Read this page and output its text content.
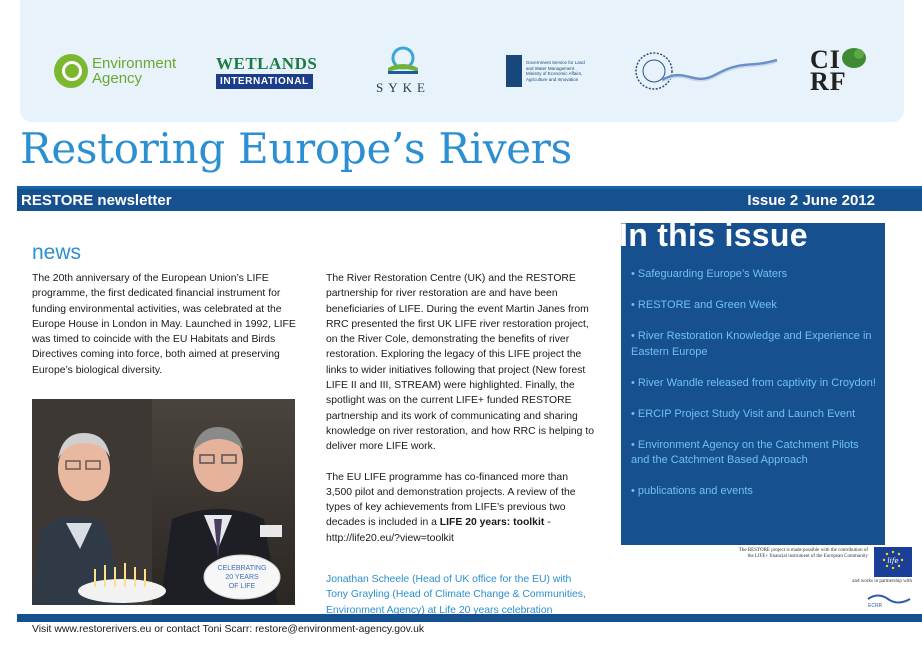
Environment
Agency
WETLANDS
INTERNATIONAL	SYKE
Government Service for Land
and Water Management
Ministry of Economic Affairs,
Agriculture and Innovation
CI
RF
Restoring Europe’s Rivers
RESTORE newsletter	Issue 2 June 2012
news

The 20th anniversary of the European Union’s LIFE programme, the first dedicated financial instrument for funding environmental activities, was celebrated at the Europe House in London in May. Launched in 1992, LIFE was timed to coincide with the EU Habitats and Birds Directives coming into force, both aimed at preserving Europe’s biological diversity.

The River Restoration Centre (UK) and the RESTORE partnership for river restoration are and have been beneficiaries of LIFE. During the event Martin Janes from RRC presented the first UK LIFE river restoration project, on the River Cole, demonstrating the benefits of river restoration. Exploring the legacy of this LIFE project the links to wider initiatives following that project (New forest LIFE II and III, STREAM) were highlighted. Finally, the spotlight was on the current LIFE+ funded RESTORE partnership and its work of communicating and sharing knowledge on river restoration, and how RRC is helping to deliver more LIFE work.

The EU LIFE programme has co-financed more than 3,500 pilot and demonstration projects. A review of the types of key achievements from LIFE’s previous two decades is included in a LIFE 20 years: toolkit - http://life20.eu/?view=toolkit

CELEBRATING
20 YEARS
OF LIFE

Jonathan Scheele (Head of UK office for the EU) with Tony Grayling (Head of Climate Change & Communities, Environment Agency) at Life 20 years celebration

In this issue
• Safeguarding Europe’s Waters
• RESTORE and Green Week
• River Restoration Knowledge and Experience in Eastern Europe
• River Wandle released from captivity in Croydon!
• ERCIP Project Study Visit and Launch Event
• Environment Agency on the Catchment Pilots and the Catchment Based Approach
• publications and events
The RESTORE project is made possible with the contribution of
the LIFE+ financial instrument of the European Community
life
and works in partnership with
ECRR
Visit www.restorerivers.eu or contact Toni Scarr: restore@environment-agency.gov.uk
